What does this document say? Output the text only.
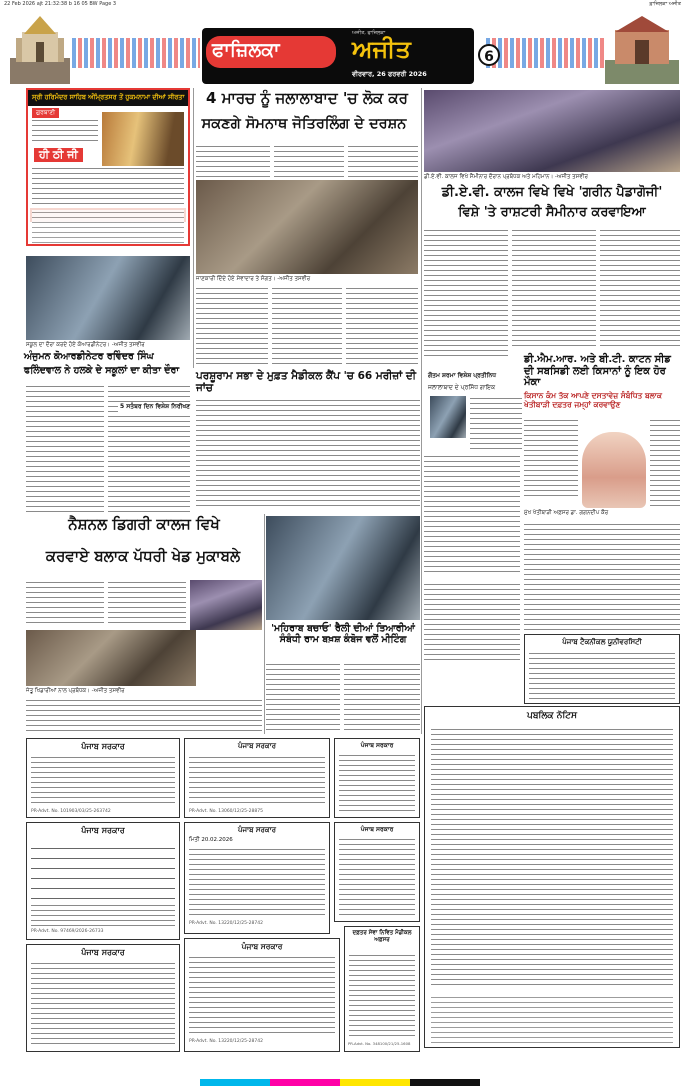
22 Feb 2026 ajt 21:32:38 b 16 05 BW Page 3	ਫ਼ਾਜ਼ਿਲਕਾ ਅਜੀਤ
ਫਾਜ਼ਿਲਕਾ	ਅਜੀਤ
ਅਜੀਤ, ਫਾਜ਼ਿਲਕਾ
ਵੀਰਵਾਰ, 26 ਫਰਵਰੀ 2026
6
ਸ੍ਰੀ ਹਰਿਮੰਦਰ ਸਾਹਿਬ ਅੰਮ੍ਰਿਤਸਰ ਤੋਂ ਹੁਕਮਨਾਮਾ ਦੀਆਂ ਸੀਰਤਾ
ਗੁਰਬਾਣੀ
ਹੀ ਠੀ ਜੀ
4 ਮਾਰਚ ਨੂੰ ਜਲਾਲਾਬਾਦ 'ਚ ਲੋਕ ਕਰ
ਸਕਣਗੇ ਸੋਮਨਾਥ ਜੋਤਿਰਲਿੰਗ ਦੇ ਦਰਸ਼ਨ
ਜਾਣਕਾਰੀ ਦਿੰਦੇ ਹੋਏ ਸੇਵਾਦਾਰ ਤੇ ਸੰਗਤ। -ਅਜੀਤ ਤਸਵੀਰ
ਡੀ.ਏ.ਵੀ. ਕਾਲਜ ਵਿਖੇ ਸੈਮੀਨਾਰ ਦੌਰਾਨ ਪ੍ਰਬੰਧਕ ਅਤੇ ਮਹਿਮਾਨ। -ਅਜੀਤ ਤਸਵੀਰ
ਡੀ.ਏ.ਵੀ. ਕਾਲਜ ਵਿਖੇ ਵਿਖੇ 'ਗਰੀਨ ਪੈਡਾਗੋਜੀ'
ਵਿਸ਼ੇ 'ਤੇ ਰਾਸ਼ਟਰੀ ਸੈਮੀਨਾਰ ਕਰਵਾਇਆ
ਸਕੂਲ ਦਾ ਦੌਰਾ ਕਰਦੇ ਹੋਏ ਕੋਆਰਡੀਨੇਟਰ। -ਅਜੀਤ ਤਸਵੀਰ
ਅੰਜੁਮਨ ਕੋਆਰਡੀਨੇਟਰ ਰਵਿੰਦਰ ਸਿੰਘ
ਫਲਿੰਦਵਾਲ ਨੇ ਹਲਕੇ ਦੇ ਸਕੂਲਾਂ ਦਾ ਕੀਤਾ ਦੌਰਾ
5 ਸਤੰਬਰ ਦਿਨ ਵਿਸ਼ੇਸ਼ ਨਿਰੀਖਣ
ਪਰਸ਼ੂਰਾਮ ਸਭਾ ਦੇ ਮੁਫ਼ਤ ਮੈਡੀਕਲ ਕੈਂਪ 'ਚ 66 ਮਰੀਜ਼ਾਂ ਦੀ ਜਾਂਚ
ਗੌਤਮ ਸ਼ਰਮਾ ਵਿਸ਼ੇਸ਼ ਪ੍ਰਤੀਨਿਧ
ਜਲਾਲਾਬਾਦ ਦੇ ਪ੍ਰਸਿੱਧ ਗਾਇਕ
ਡੀ.ਐਮ.ਆਰ. ਅਤੇ ਬੀ.ਟੀ. ਕਾਟਨ ਸੀਡ ਦੀ ਸਬਸਿਡੀ ਲਈ ਕਿਸਾਨਾਂ ਨੂੰ ਇਕ ਹੋਰ ਮੌਕਾ
ਕਿਸਾਨ ਕੰਮ ਤੱਕ ਆਪਣੇ ਦਸਤਾਵੇਜ਼ ਸੰਬੰਧਿਤ ਬਲਾਕ ਖੇਤੀਬਾੜੀ ਦਫ਼ਤਰ ਜਮ੍ਹਾਂ ਕਰਵਾਉਣ
ਮੁੱਖ ਖੇਤੀਬਾੜੀ ਅਫ਼ਸਰ ਡਾ. ਗਗਨਦੀਪ ਕੌਰ
ਨੈਸ਼ਨਲ ਡਿਗਰੀ ਕਾਲਜ ਵਿਖੇ
ਕਰਵਾਏ ਬਲਾਕ ਪੱਧਰੀ ਖੇਡ ਮੁਕਾਬਲੇ
ਜੇਤੂ ਖਿਡਾਰੀਆਂ ਨਾਲ ਪ੍ਰਬੰਧਕ। -ਅਜੀਤ ਤਸਵੀਰ
'ਮਹਿਰਾਬ ਬਚਾਓ' ਰੈਲੀ ਦੀਆਂ ਤਿਆਰੀਆਂ ਸੰਬੰਧੀ ਰਾਮ ਬਖ਼ਸ਼ ਕੰਬੋਜ ਵਲੋਂ ਮੀਟਿੰਗ	ਪੰਜਾਬ ਟੈਕਨੀਕਲ ਯੂਨੀਵਰਸਿਟੀ
ਪਬਲਿਕ ਨੋਟਿਸ
ਪੰਜਾਬ ਸਰਕਾਰ
PR-Advt. No. 101903/03/25-263742
ਪੰਜਾਬ ਸਰਕਾਰ
PR-Advt. No. 13060/12/25-28875
ਪੰਜਾਬ ਸਰਕਾਰ
ਪੰਜਾਬ ਸਰਕਾਰ
PR-Advt. No. 97469/2026-26733
ਪੰਜਾਬ ਸਰਕਾਰ
ਮਿਤੀ 20.02.2026
PR-Advt. No. 13220/12/25-28742
ਪੰਜਾਬ ਸਰਕਾਰ
ਪੰਜਾਬ ਸਰਕਾਰ
ਪੰਜਾਬ ਸਰਕਾਰ
PR-Advt. No. 13220/12/25-28742
ਦਫ਼ਤਰ ਸੇਵਾ ਨਿਵਿਤ ਮੈਡੀਕਲ ਅਫ਼ਸਰ
PR-Advt. No. 348100/21/25-1608
